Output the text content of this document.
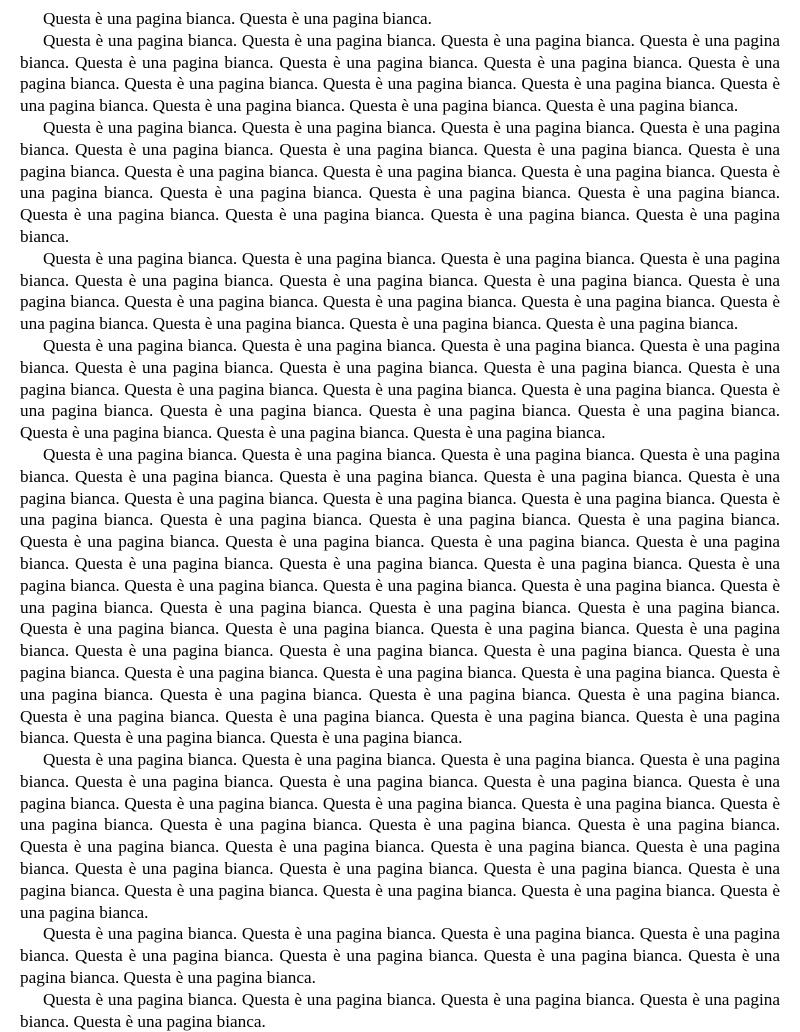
Questa è una pagina bianca. Questa è una pagina bianca.

Questa è una pagina bianca. Questa è una pagina bianca. Questa è una pagina bianca. Questa è una pagina bianca. Questa è una pagina bianca. Questa è una pagina bianca. Questa è una pagina bianca. Questa è una pagina bianca. Questa è una pagina bianca. Questa è una pagina bianca. Questa è una pagina bianca. Questa è una pagina bianca. Questa è una pagina bianca. Questa è una pagina bianca. Questa è una pagina bianca.

Questa è una pagina bianca. Questa è una pagina bianca. Questa è una pagina bianca. Questa è una pagina bianca. Questa è una pagina bianca. Questa è una pagina bianca. Questa è una pagina bianca. Questa è una pagina bianca. Questa è una pagina bianca. Questa è una pagina bianca. Questa è una pagina bianca. Questa è una pagina bianca. Questa è una pagina bianca. Questa è una pagina bianca. Questa è una pagina bianca. Questa è una pagina bianca. Questa è una pagina bianca. Questa è una pagina bianca. Questa è una pagina bianca.

Questa è una pagina bianca. Questa è una pagina bianca. Questa è una pagina bianca. Questa è una pagina bianca. Questa è una pagina bianca. Questa è una pagina bianca. Questa è una pagina bianca. Questa è una pagina bianca. Questa è una pagina bianca. Questa è una pagina bianca. Questa è una pagina bianca. Questa è una pagina bianca. Questa è una pagina bianca. Questa è una pagina bianca. Questa è una pagina bianca.

Questa è una pagina bianca. Questa è una pagina bianca. Questa è una pagina bianca. Questa è una pagina bianca. Questa è una pagina bianca. Questa è una pagina bianca. Questa è una pagina bianca. Questa è una pagina bianca. Questa è una pagina bianca. Questa è una pagina bianca. Questa è una pagina bianca. Questa è una pagina bianca. Questa è una pagina bianca. Questa è una pagina bianca. Questa è una pagina bianca. Questa è una pagina bianca. Questa è una pagina bianca. Questa è una pagina bianca.

Questa è una pagina bianca. Questa è una pagina bianca. Questa è una pagina bianca. Questa è una pagina bianca. Questa è una pagina bianca. Questa è una pagina bianca. Questa è una pagina bianca. Questa è una pagina bianca. Questa è una pagina bianca. Questa è una pagina bianca. Questa è una pagina bianca. Questa è una pagina bianca. Questa è una pagina bianca. Questa è una pagina bianca. Questa è una pagina bianca. Questa è una pagina bianca. Questa è una pagina bianca. Questa è una pagina bianca. Questa è una pagina bianca. Questa è una pagina bianca. Questa è una pagina bianca. Questa è una pagina bianca. Questa è una pagina bianca. Questa è una pagina bianca. Questa è una pagina bianca. Questa è una pagina bianca. Questa è una pagina bianca. Questa è una pagina bianca. Questa è una pagina bianca. Questa è una pagina bianca. Questa è una pagina bianca. Questa è una pagina bianca. Questa è una pagina bianca. Questa è una pagina bianca. Questa è una pagina bianca. Questa è una pagina bianca. Questa è una pagina bianca. Questa è una pagina bianca. Questa è una pagina bianca. Questa è una pagina bianca. Questa è una pagina bianca. Questa è una pagina bianca. Questa è una pagina bianca. Questa è una pagina bianca. Questa è una pagina bianca. Questa è una pagina bianca. Questa è una pagina bianca. Questa è una pagina bianca. Questa è una pagina bianca. Questa è una pagina bianca. Questa è una pagina bianca.

Questa è una pagina bianca. Questa è una pagina bianca. Questa è una pagina bianca. Questa è una pagina bianca. Questa è una pagina bianca. Questa è una pagina bianca. Questa è una pagina bianca. Questa è una pagina bianca. Questa è una pagina bianca. Questa è una pagina bianca. Questa è una pagina bianca. Questa è una pagina bianca. Questa è una pagina bianca. Questa è una pagina bianca. Questa è una pagina bianca. Questa è una pagina bianca. Questa è una pagina bianca. Questa è una pagina bianca. Questa è una pagina bianca. Questa è una pagina bianca. Questa è una pagina bianca. Questa è una pagina bianca. Questa è una pagina bianca. Questa è una pagina bianca. Questa è una pagina bianca. Questa è una pagina bianca. Questa è una pagina bianca.

Questa è una pagina bianca. Questa è una pagina bianca. Questa è una pagina bianca. Questa è una pagina bianca. Questa è una pagina bianca. Questa è una pagina bianca. Questa è una pagina bianca. Questa è una pagina bianca. Questa è una pagina bianca.

Questa è una pagina bianca. Questa è una pagina bianca. Questa è una pagina bianca. Questa è una pagina bianca. Questa è una pagina bianca.
